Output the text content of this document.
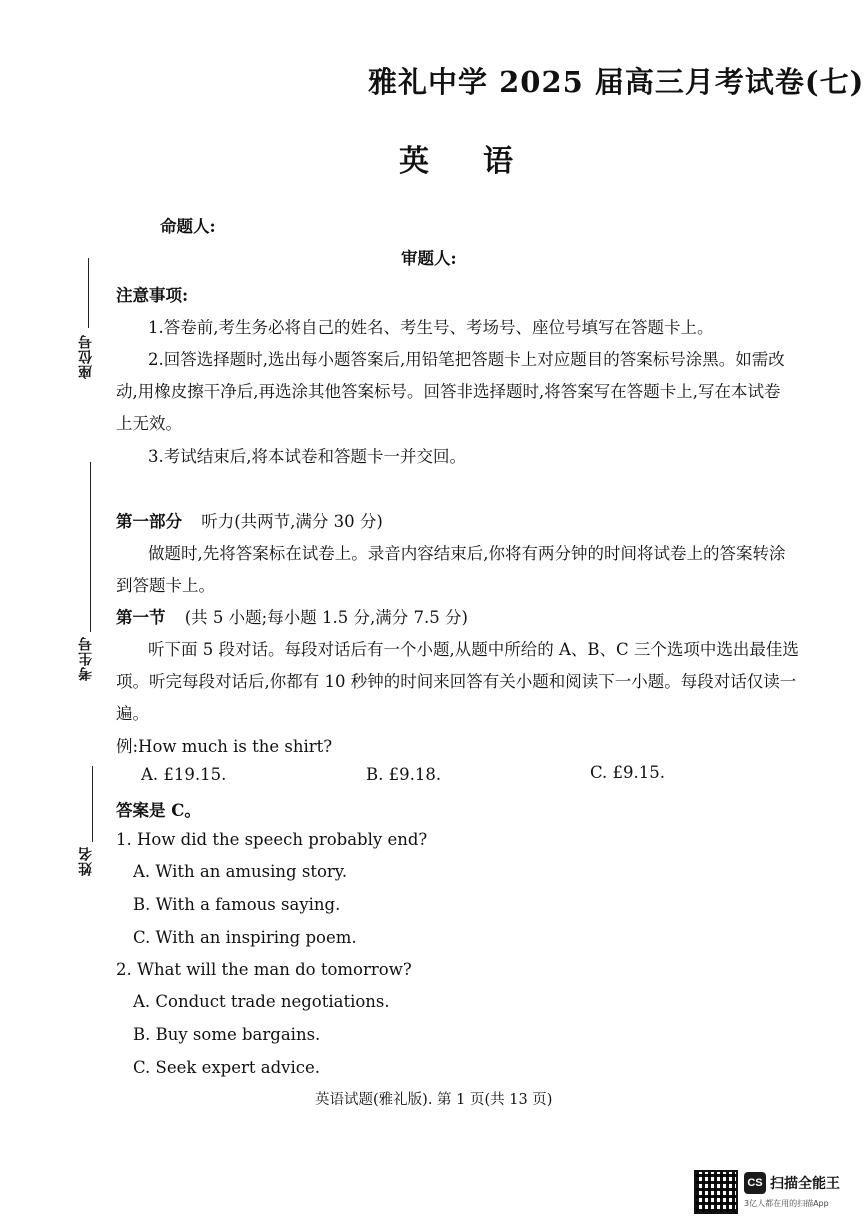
雅礼中学 2025 届高三月考试卷(七)
英语
命题人:
审题人:
座位号
考生号
姓名
注意事项:
1.答卷前,考生务必将自己的姓名、考生号、考场号、座位号填写在答题卡上。
2.回答选择题时,选出每小题答案后,用铅笔把答题卡上对应题目的答案标号涂黑。如需改
动,用橡皮擦干净后,再选涂其他答案标号。回答非选择题时,将答案写在答题卡上,写在本试卷
上无效。
3.考试结束后,将本试卷和答题卡一并交回。
第一部分 听力(共两节,满分 30 分)
做题时,先将答案标在试卷上。录音内容结束后,你将有两分钟的时间将试卷上的答案转涂
到答题卡上。
第一节 (共 5 小题;每小题 1.5 分,满分 7.5 分)
听下面 5 段对话。每段对话后有一个小题,从题中所给的 A、B、C 三个选项中选出最佳选
项。听完每段对话后,你都有 10 秒钟的时间来回答有关小题和阅读下一小题。每段对话仅读一
遍。
例:How much is the shirt?
A. £19.15.	B. £9.18.	C. £9.15.
答案是 C。
1. How did the speech probably end?
A. With an amusing story.
B. With a famous saying.
C. With an inspiring poem.
2. What will the man do tomorrow?
A. Conduct trade negotiations.
B. Buy some bargains.
C. Seek expert advice.
英语试题(雅礼版). 第 1 页(共 13 页)
CS 扫描全能王
3亿人都在用的扫描App
